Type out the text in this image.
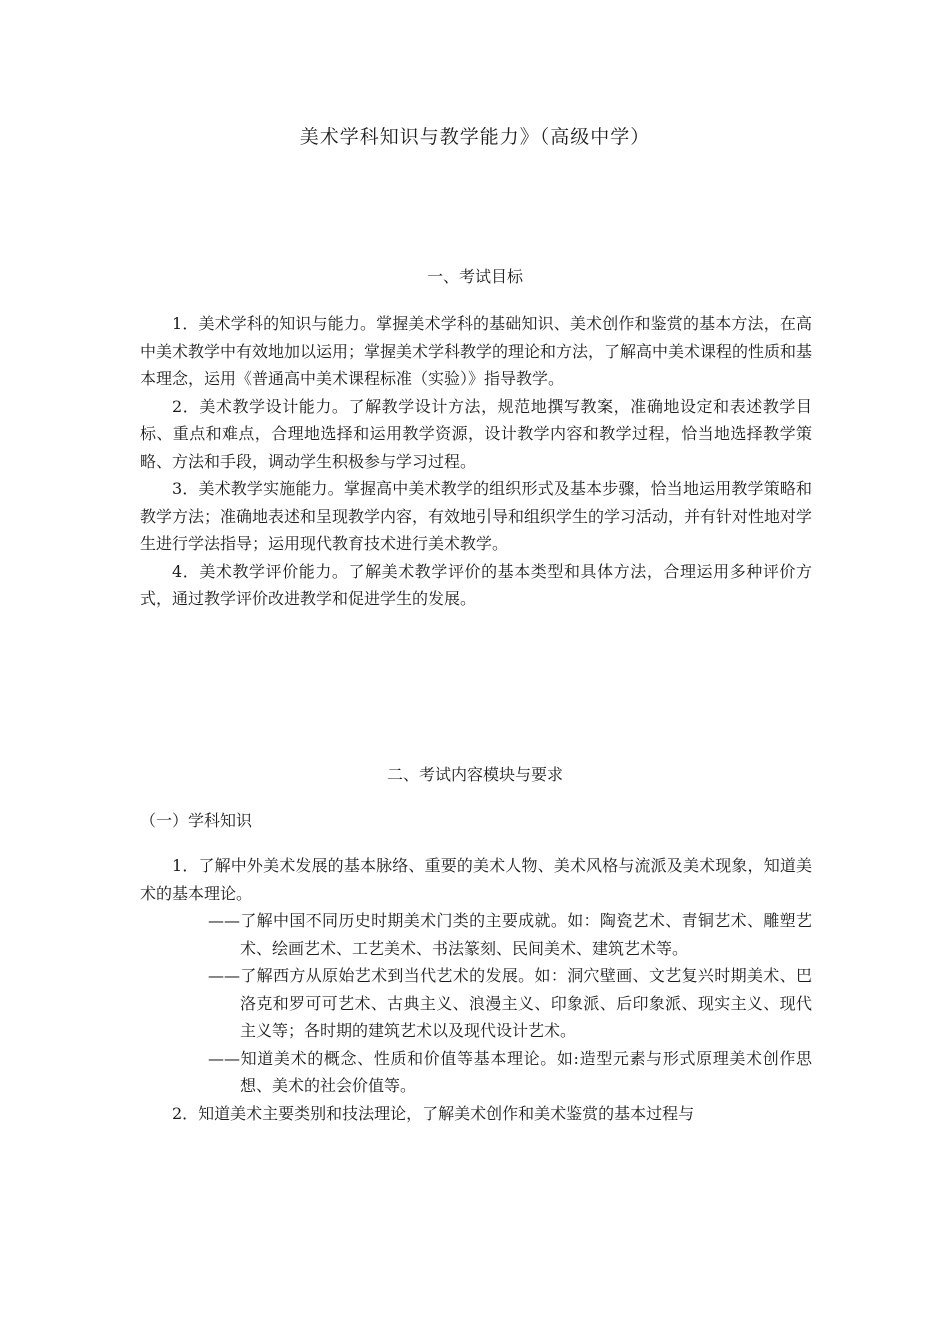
美术学科知识与教学能力》（高级中学）
一、考试目标

1．美术学科的知识与能力。掌握美术学科的基础知识、美术创作和鉴赏的基本方法，在高中美术教学中有效地加以运用；掌握美术学科教学的理论和方法，了解高中美术课程的性质和基本理念，运用《普通高中美术课程标准（实验）》指导教学。

2．美术教学设计能力。了解教学设计方法，规范地撰写教案，准确地设定和表述教学目标、重点和难点，合理地选择和运用教学资源，设计教学内容和教学过程，恰当地选择教学策略、方法和手段，调动学生积极参与学习过程。

3．美术教学实施能力。掌握高中美术教学的组织形式及基本步骤，恰当地运用教学策略和教学方法；准确地表述和呈现教学内容，有效地引导和组织学生的学习活动，并有针对性地对学生进行学法指导；运用现代教育技术进行美术教学。

4．美术教学评价能力。了解美术教学评价的基本类型和具体方法，合理运用多种评价方式，通过教学评价改进教学和促进学生的发展。

二、考试内容模块与要求
（一）学科知识

1．了解中外美术发展的基本脉络、重要的美术人物、美术风格与流派及美术现象，知道美术的基本理论。

——了解中国不同历史时期美术门类的主要成就。如：陶瓷艺术、青铜艺术、雕塑艺术、绘画艺术、工艺美术、书法篆刻、民间美术、建筑艺术等。

——了解西方从原始艺术到当代艺术的发展。如：洞穴壁画、文艺复兴时期美术、巴洛克和罗可可艺术、古典主义、浪漫主义、印象派、后印象派、现实主义、现代主义等；各时期的建筑艺术以及现代设计艺术。

——知道美术的概念、性质和价值等基本理论。如:造型元素与形式原理美术创作思想、美术的社会价值等。

2．知道美术主要类别和技法理论，了解美术创作和美术鉴赏的基本过程与
